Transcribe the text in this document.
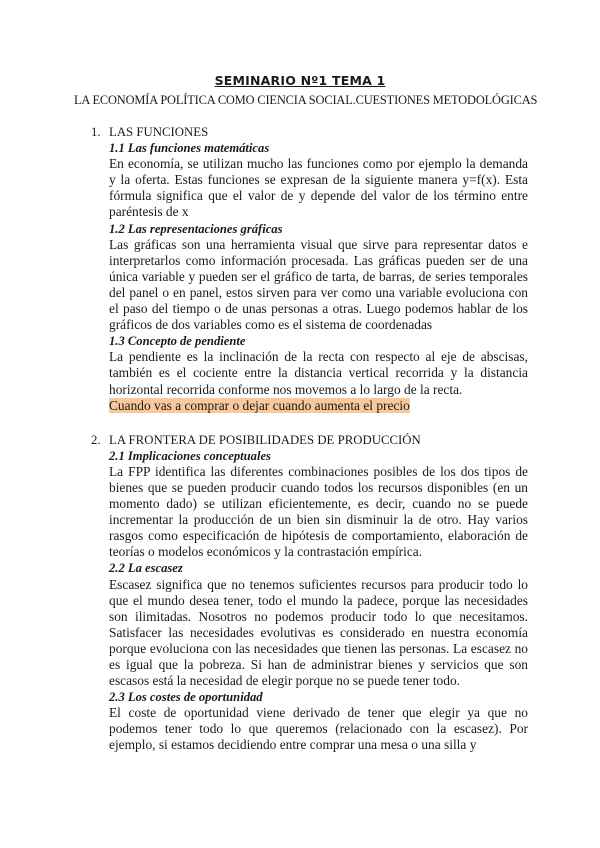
SEMINARIO Nº1 TEMA 1
LA ECONOMÍA POLÍTICA COMO CIENCIA SOCIAL.CUESTIONES METODOLÓGICAS
1. LAS FUNCIONES
1.1 Las funciones matemáticas
En economía, se utilizan mucho las funciones como por ejemplo la demanda y la oferta. Estas funciones se expresan de la siguiente manera y=f(x). Esta fórmula significa que el valor de y depende del valor de los término entre paréntesis de x
1.2 Las representaciones gráficas
Las gráficas son una herramienta visual que sirve para representar datos e interpretarlos como información procesada. Las gráficas pueden ser de una única variable y pueden ser el gráfico de tarta, de barras, de series temporales del panel o en panel, estos sirven para ver como una variable evoluciona con el paso del tiempo o de unas personas a otras. Luego podemos hablar de los gráficos de dos variables como es el sistema de coordenadas
1.3 Concepto de pendiente
La pendiente es la inclinación de la recta con respecto al eje de abscisas, también es el cociente entre la distancia vertical recorrida y la distancia horizontal recorrida conforme nos movemos a lo largo de la recta.
Cuando vas a comprar o dejar cuando aumenta el precio
2. LA FRONTERA DE POSIBILIDADES DE PRODUCCIÓN
2.1 Implicaciones conceptuales
La FPP identifica las diferentes combinaciones posibles de los dos tipos de bienes que se pueden producir cuando todos los recursos disponibles (en un momento dado) se utilizan eficientemente, es decir, cuando no se puede incrementar la producción de un bien sin disminuir la de otro. Hay varios rasgos como especificación de hipótesis de comportamiento, elaboración de teorías o modelos económicos y la contrastación empírica.
2.2 La escasez
Escasez significa que no tenemos suficientes recursos para producir todo lo que el mundo desea tener, todo el mundo la padece, porque las necesidades son ilimitadas. Nosotros no podemos producir todo lo que necesitamos. Satisfacer las necesidades evolutivas es considerado en nuestra economía porque evoluciona con las necesidades que tienen las personas. La escasez no es igual que la pobreza. Si han de administrar bienes y servicios que son escasos está la necesidad de elegir porque no se puede tener todo.
2.3 Los costes de oportunidad
El coste de oportunidad viene derivado de tener que elegir ya que no podemos tener todo lo que queremos (relacionado con la escasez). Por ejemplo, si estamos decidiendo entre comprar una mesa o una silla y
